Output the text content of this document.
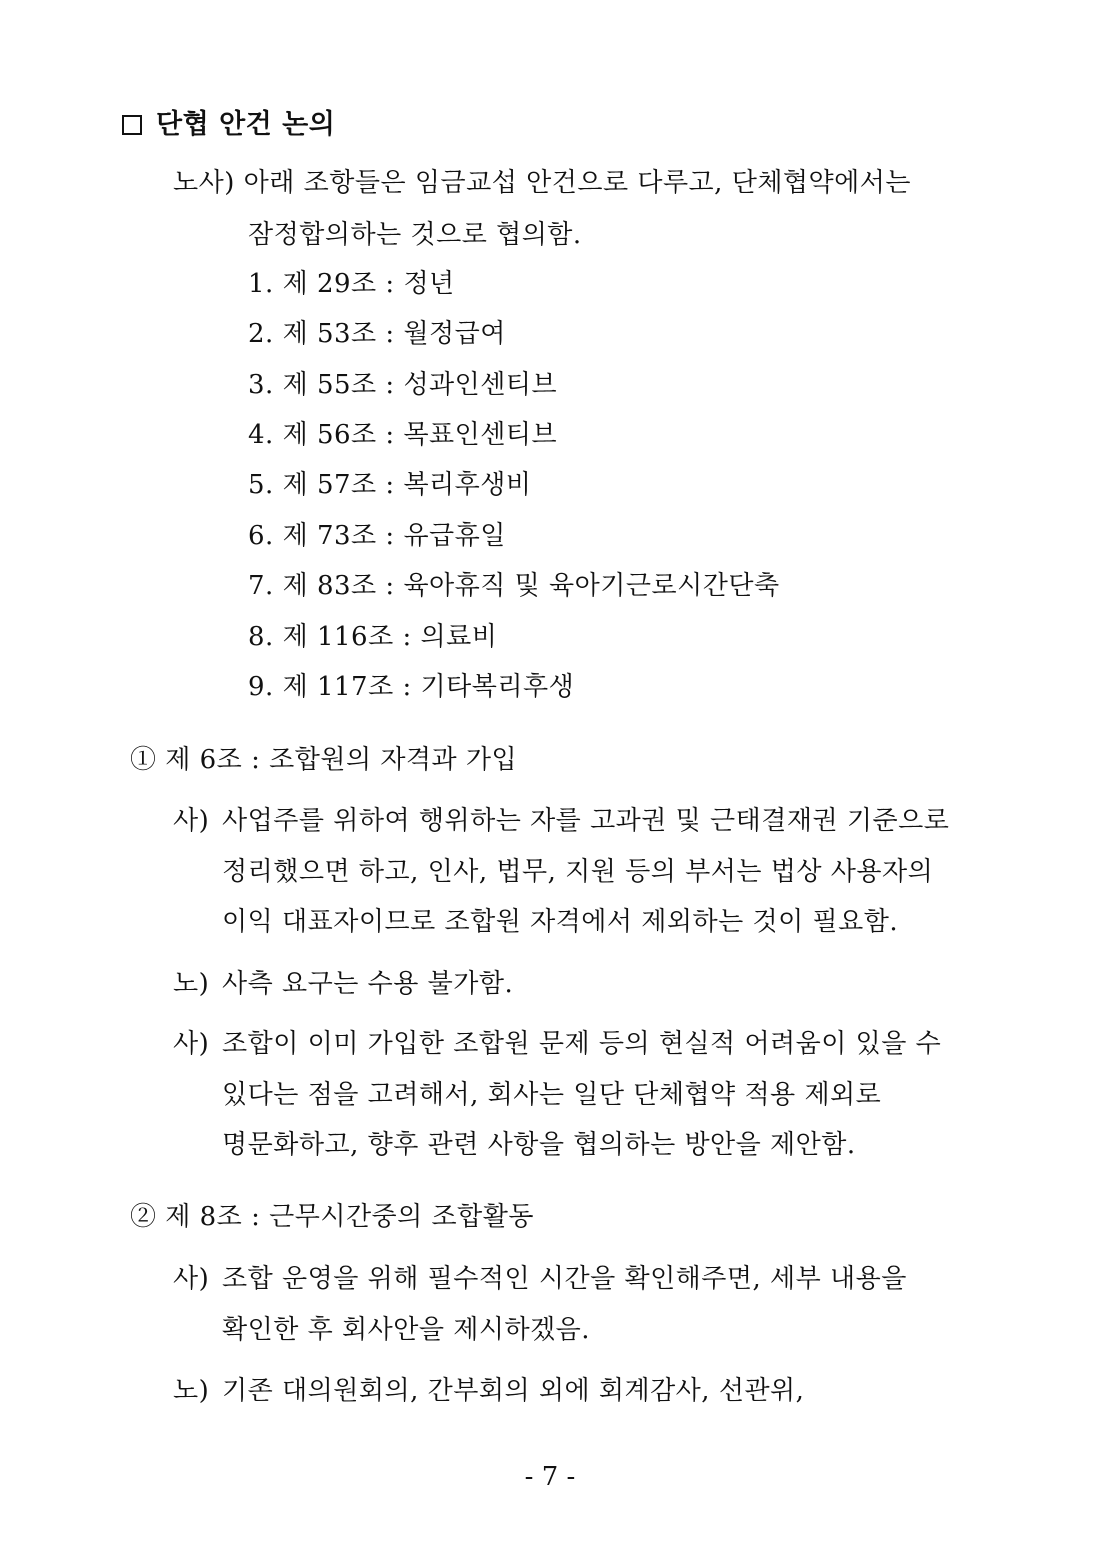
단협 안건 논의
노사) 아래 조항들은 임금교섭 안건으로 다루고, 단체협약에서는
잠정합의하는 것으로 협의함.
1. 제 29조 : 정년
2. 제 53조 : 월정급여
3. 제 55조 : 성과인센티브
4. 제 56조 : 목표인센티브
5. 제 57조 : 복리후생비
6. 제 73조 : 유급휴일
7. 제 83조 : 육아휴직 및 육아기근로시간단축
8. 제 116조 : 의료비
9. 제 117조 : 기타복리후생
① 제 6조 : 조합원의 자격과 가입
사) 사업주를 위하여 행위하는 자를 고과권 및 근태결재권 기준으로
정리했으면 하고, 인사, 법무, 지원 등의 부서는 법상 사용자의
이익 대표자이므로 조합원 자격에서 제외하는 것이 필요함.
노) 사측 요구는 수용 불가함.
사) 조합이 이미 가입한 조합원 문제 등의 현실적 어려움이 있을 수
있다는 점을 고려해서, 회사는 일단 단체협약 적용 제외로
명문화하고, 향후 관련 사항을 협의하는 방안을 제안함.
② 제 8조 : 근무시간중의 조합활동
사) 조합 운영을 위해 필수적인 시간을 확인해주면, 세부 내용을
확인한 후 회사안을 제시하겠음.
노) 기존 대의원회의, 간부회의 외에 회계감사, 선관위,
- 7 -
